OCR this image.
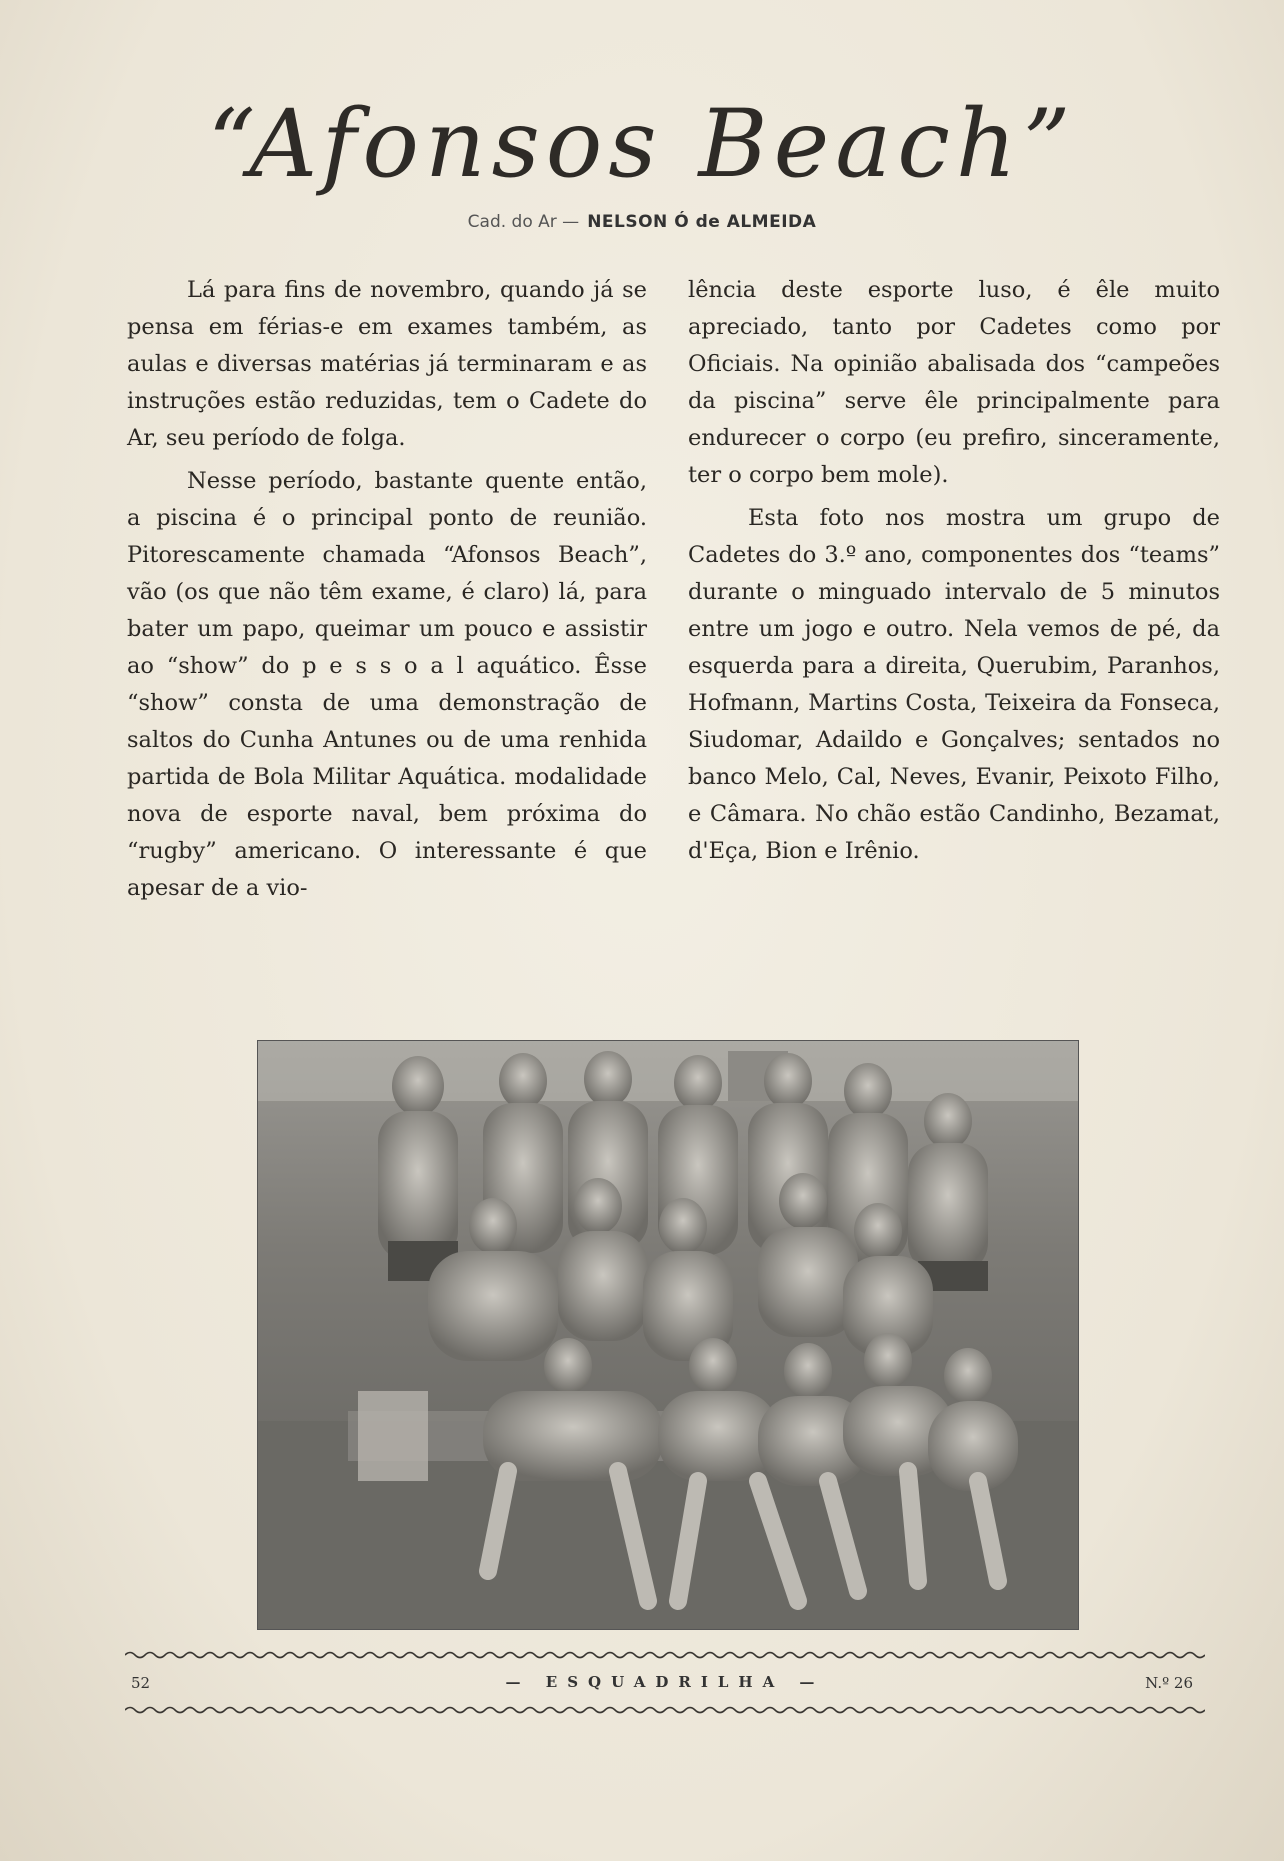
“Afonsos Beach”
Cad. do Ar — NELSON Ó de ALMEIDA

Lá para fins de novembro, quando já se pensa em férias-e em exames também, as aulas e diversas matérias já terminaram e as instruções estão reduzidas, tem o Cadete do Ar, seu período de folga.

Nesse período, bastante quente então, a piscina é o principal ponto de reunião. Pitorescamente chamada “Afonsos Beach”, vão (os que não têm exame, é claro) lá, para bater um papo, queimar um pouco e assistir ao “show” do p e s s o a l aquático. Êsse “show” consta de uma demonstração de saltos do Cunha Antunes ou de uma renhida partida de Bola Militar Aquática. modalidade nova de esporte naval, bem próxima do “rugby” americano. O interessante é que apesar de a vio-

lência deste esporte luso, é êle muito apreciado, tanto por Cadetes como por Oficiais. Na opinião abalisada dos “campeões da piscina” serve êle principalmente para endurecer o corpo (eu prefiro, sinceramente, ter o corpo bem mole).

Esta foto nos mostra um grupo de Cadetes do 3.º ano, componentes dos “teams” durante o minguado intervalo de 5 minutos entre um jogo e outro. Nela vemos de pé, da esquerda para a direita, Querubim, Paranhos, Hofmann, Martins Costa, Teixeira da Fonseca, Siudomar, Adaildo e Gonçalves; sentados no banco Melo, Cal, Neves, Evanir, Peixoto Filho, e Câmara. No chão estão Candinho, Bezamat, d'Eça, Bion e Irênio.

52	— ESQUADRILHA —	N.º 26
